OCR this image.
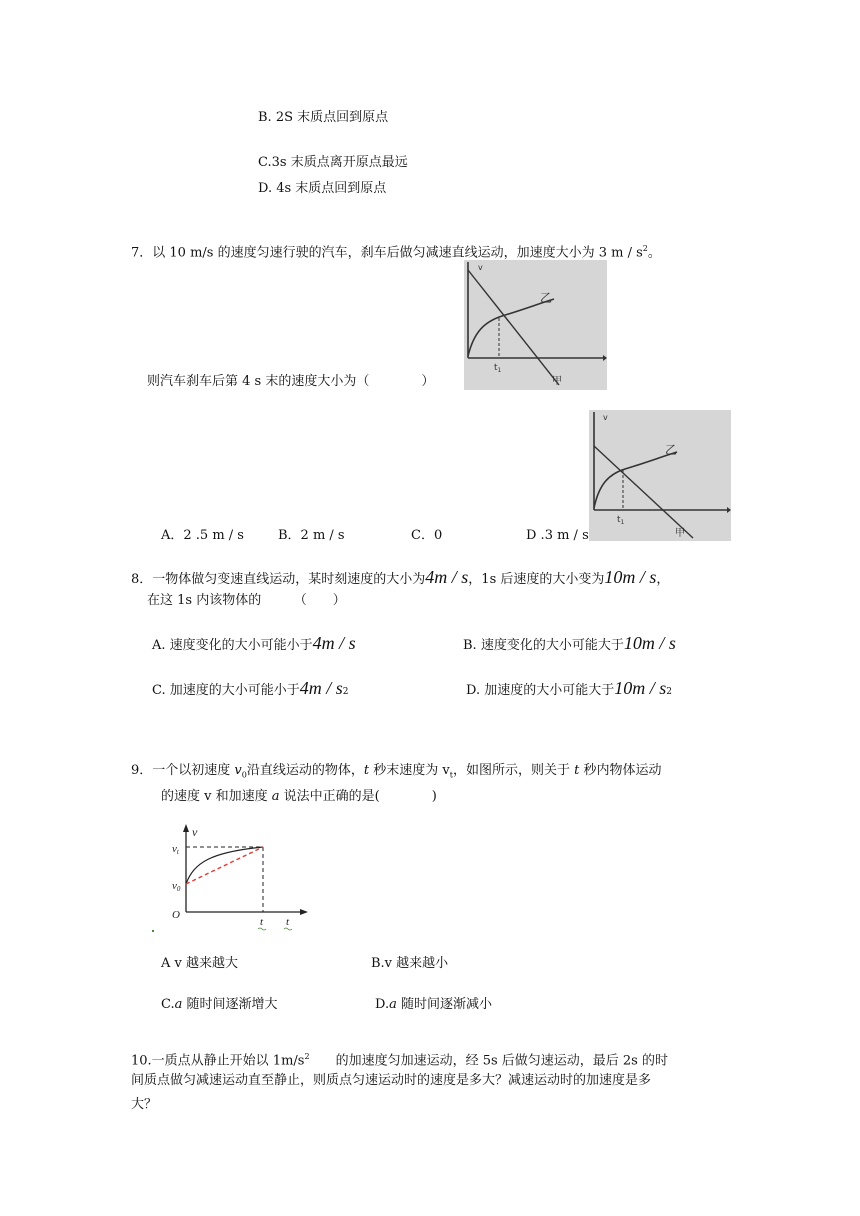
B. 2S 末质点回到原点
C.3s 末质点离开原点最远
D. 4s 末质点回到原点
7．以 10 m/s 的速度匀速行驶的汽车，刹车后做匀减速直线运动，加速度大小为 3 m / $s^2$。
v
乙
$t_1$
甲
则汽车刹车后第 4 s 末的速度大小为（　　　　）
v
乙
$t_1$
甲
A．2 .5 m / s	B．2 m / s	C．0	D .3 m / s
8．一物体做匀变速直线运动，某时刻速度的大小为4m / s，1s 后速度的大小变为10m / s，
在这 1s 内该物体的　　　（　　）
A. 速度变化的大小可能小于4m / s	B. 速度变化的大小可能大于10m / s
C. 加速度的大小可能小于4m / s2	D. 加速度的大小可能大于10m / s2
9．一个以初速度 $v_0$沿直线运动的物体，t 秒末速度为 $v_t$，如图所示，则关于 t 秒内物体运动
的速度 v 和加速度 a 说法中正确的是(　　　　)
v
vt
v0
O
t t
A v 越来越大	B.v 越来越小
C.a 随时间逐渐增大	D.a 随时间逐渐减小
10.一质点从静止开始以 $1m/s^2$ 的加速度匀加速运动，经 5s 后做匀速运动，最后 2s 的时
间质点做匀减速运动直至静止，则质点匀速运动时的速度是多大？减速运动时的加速度是多
大？
